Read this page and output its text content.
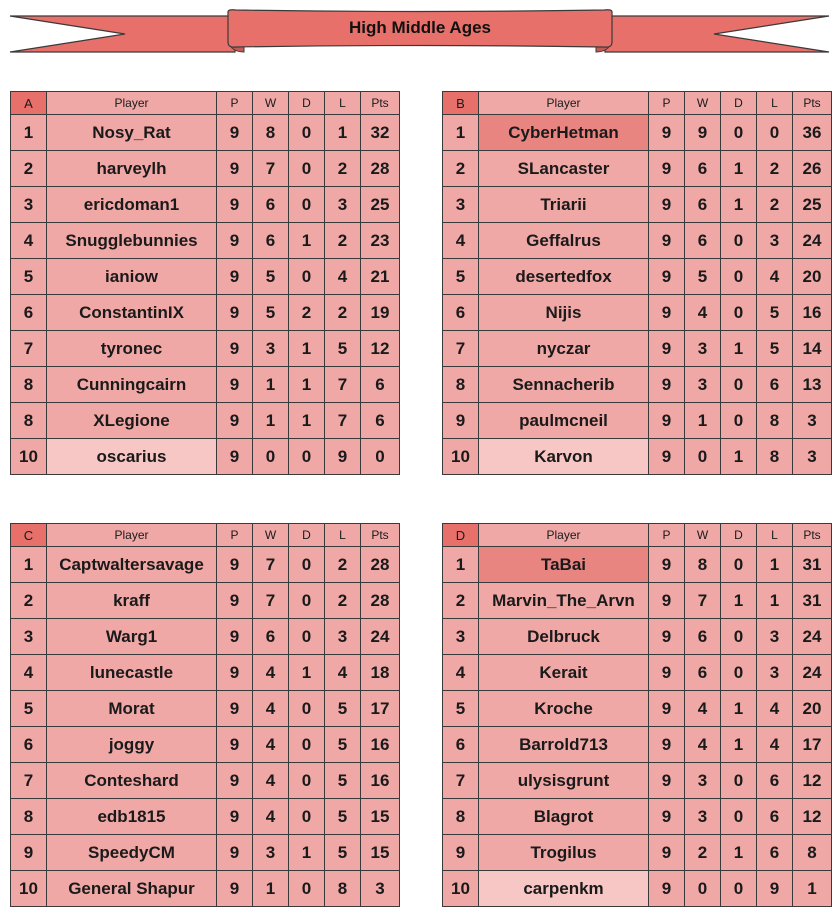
High Middle Ages
A	Player	P	W	D	L	Pts
1	Nosy_Rat	9	8	0	1	32
2	harveylh	9	7	0	2	28
3	ericdoman1	9	6	0	3	25
4	Snugglebunnies	9	6	1	2	23
5	ianiow	9	5	0	4	21
6	ConstantinIX	9	5	2	2	19
7	tyronec	9	3	1	5	12
8	Cunningcairn	9	1	1	7	6
8	XLegione	9	1	1	7	6
10	oscarius	9	0	0	9	0
B	Player	P	W	D	L	Pts
1	CyberHetman	9	9	0	0	36
2	SLancaster	9	6	1	2	26
3	Triarii	9	6	1	2	25
4	Geffalrus	9	6	0	3	24
5	desertedfox	9	5	0	4	20
6	Nijis	9	4	0	5	16
7	nyczar	9	3	1	5	14
8	Sennacherib	9	3	0	6	13
9	paulmcneil	9	1	0	8	3
10	Karvon	9	0	1	8	3
C	Player	P	W	D	L	Pts
1	Captwaltersavage	9	7	0	2	28
2	kraff	9	7	0	2	28
3	Warg1	9	6	0	3	24
4	lunecastle	9	4	1	4	18
5	Morat	9	4	0	5	17
6	joggy	9	4	0	5	16
7	Conteshard	9	4	0	5	16
8	edb1815	9	4	0	5	15
9	SpeedyCM	9	3	1	5	15
10	General Shapur	9	1	0	8	3
D	Player	P	W	D	L	Pts
1	TaBai	9	8	0	1	31
2	Marvin_The_Arvn	9	7	1	1	31
3	Delbruck	9	6	0	3	24
4	Kerait	9	6	0	3	24
5	Kroche	9	4	1	4	20
6	Barrold713	9	4	1	4	17
7	ulysisgrunt	9	3	0	6	12
8	Blagrot	9	3	0	6	12
9	Trogilus	9	2	1	6	8
10	carpenkm	9	0	0	9	1
